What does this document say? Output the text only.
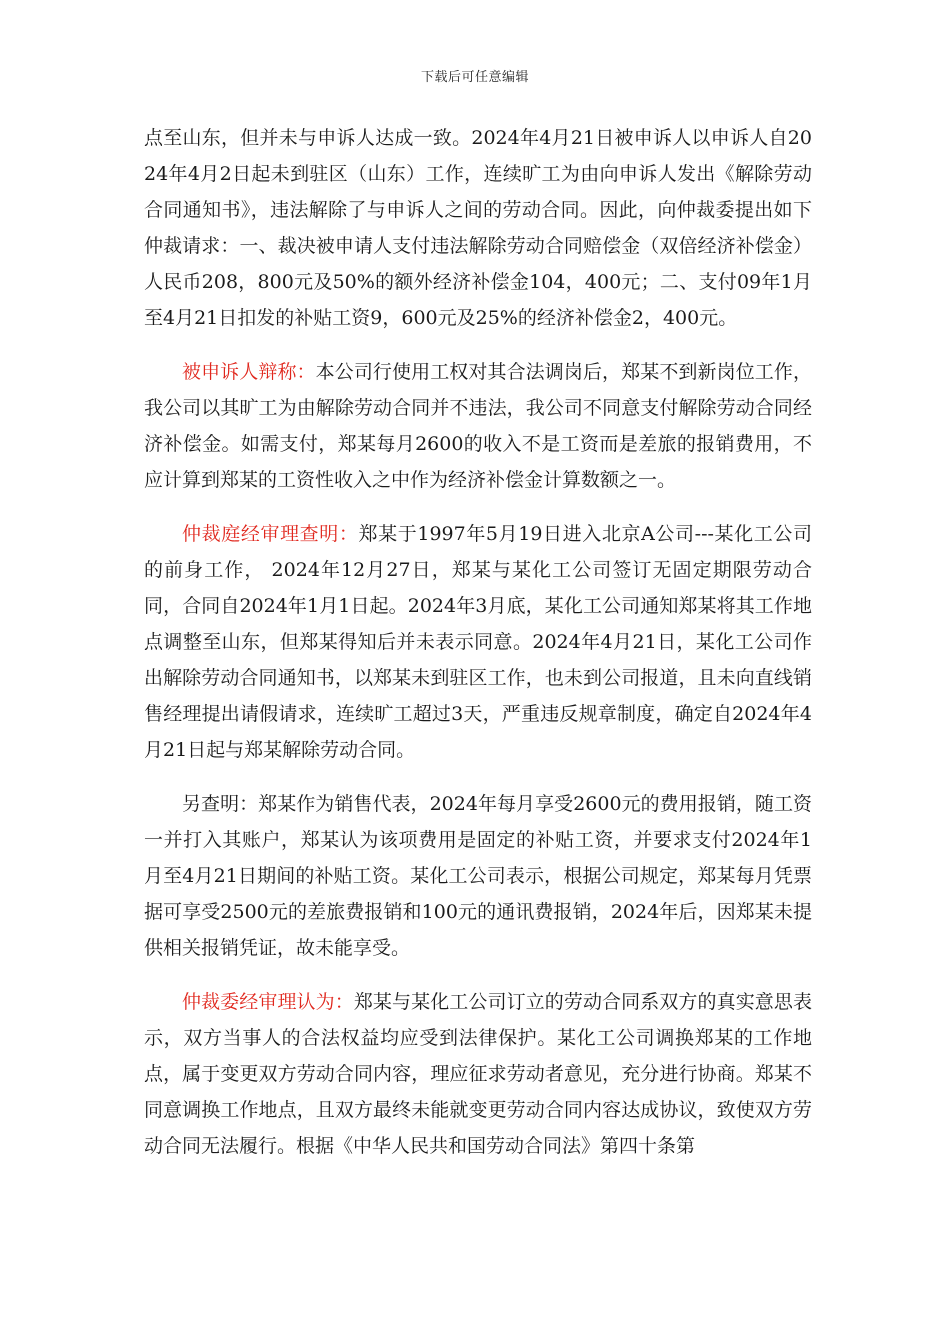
下载后可任意编辑

点至山东，但并未与申诉人达成一致。2024年4月21日被申诉人以申诉人自2024年4月2日起未到驻区（山东）工作，连续旷工为由向申诉人发出《解除劳动合同通知书》，违法解除了与申诉人之间的劳动合同。因此，向仲裁委提出如下仲裁请求：一、裁决被申请人支付违法解除劳动合同赔偿金（双倍经济补偿金）人民币208，800元及50%的额外经济补偿金104，400元；二、支付09年1月至4月21日扣发的补贴工资9，600元及25%的经济补偿金2，400元。

被申诉人辩称：本公司行使用工权对其合法调岗后，郑某不到新岗位工作，我公司以其旷工为由解除劳动合同并不违法，我公司不同意支付解除劳动合同经济补偿金。如需支付，郑某每月2600的收入不是工资而是差旅的报销费用，不应计算到郑某的工资性收入之中作为经济补偿金计算数额之一。

仲裁庭经审理查明：郑某于1997年5月19日进入北京A公司---某化工公司的前身工作， 2024年12月27日，郑某与某化工公司签订无固定期限劳动合同，合同自2024年1月1日起。2024年3月底，某化工公司通知郑某将其工作地点调整至山东，但郑某得知后并未表示同意。2024年4月21日，某化工公司作出解除劳动合同通知书，以郑某未到驻区工作，也未到公司报道，且未向直线销售经理提出请假请求，连续旷工超过3天，严重违反规章制度，确定自2024年4月21日起与郑某解除劳动合同。

另查明：郑某作为销售代表，2024年每月享受2600元的费用报销，随工资一并打入其账户，郑某认为该项费用是固定的补贴工资，并要求支付2024年1月至4月21日期间的补贴工资。某化工公司表示，根据公司规定，郑某每月凭票据可享受2500元的差旅费报销和100元的通讯费报销，2024年后，因郑某未提供相关报销凭证，故未能享受。

仲裁委经审理认为：郑某与某化工公司订立的劳动合同系双方的真实意思表示，双方当事人的合法权益均应受到法律保护。某化工公司调换郑某的工作地点，属于变更双方劳动合同内容，理应征求劳动者意见，充分进行协商。郑某不同意调换工作地点，且双方最终未能就变更劳动合同内容达成协议，致使双方劳动合同无法履行。根据《中华人民共和国劳动合同法》第四十条第
